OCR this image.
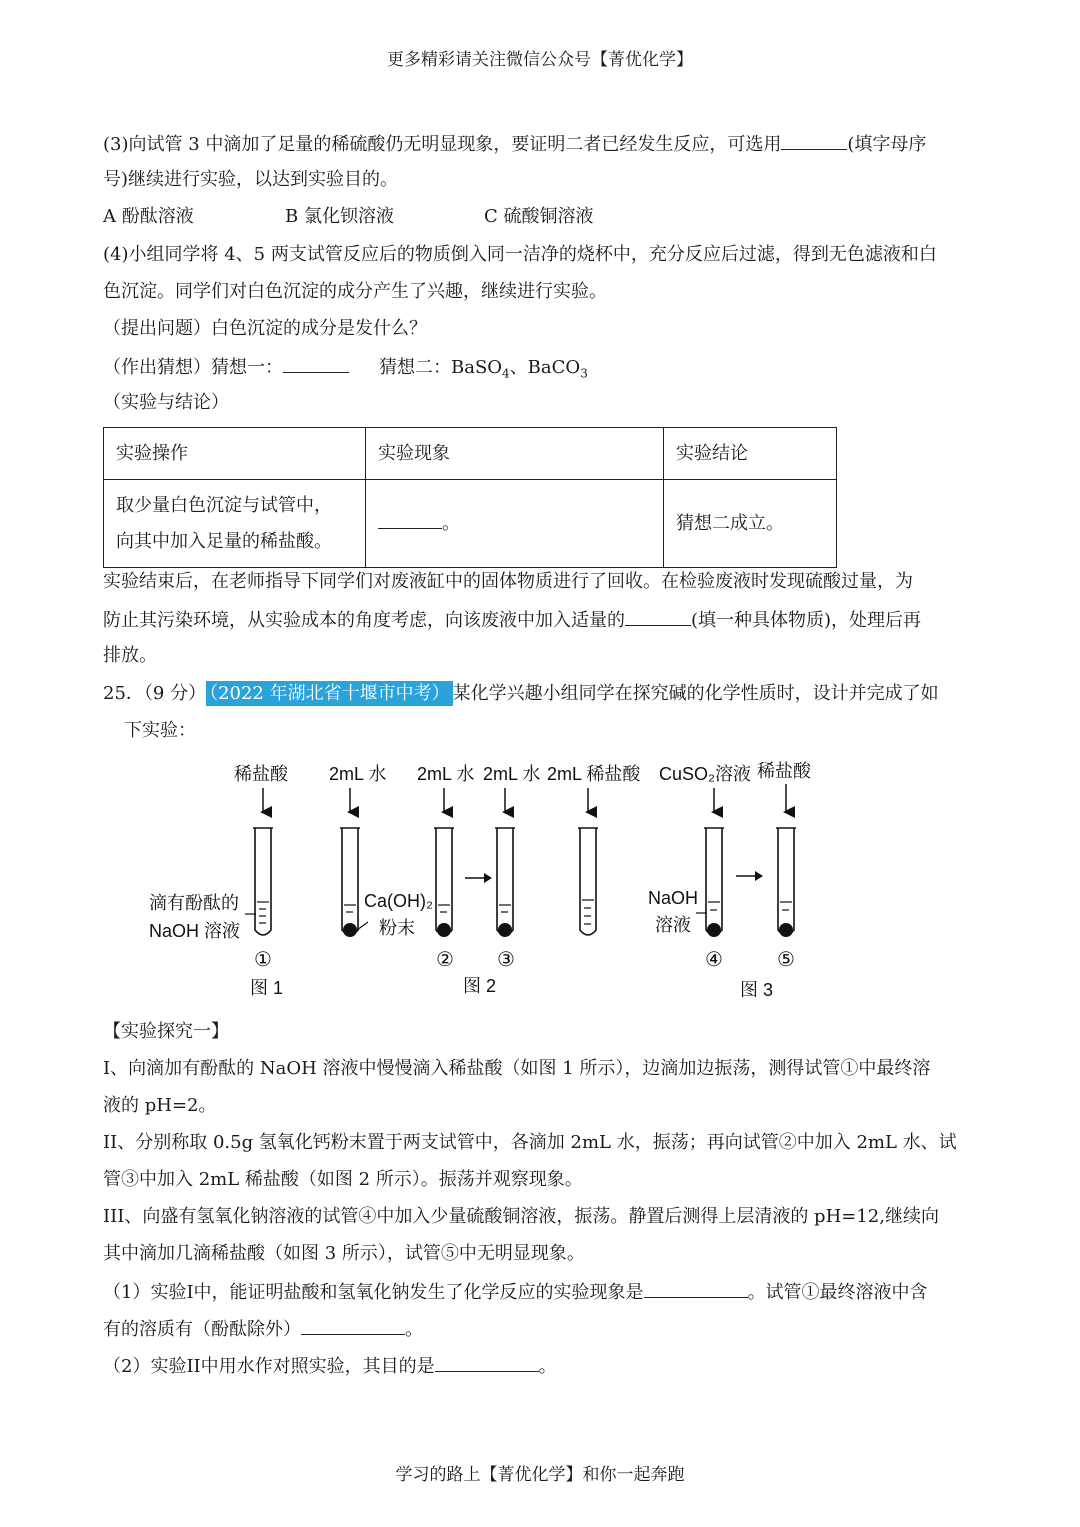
更多精彩请关注微信公众号【菁优化学】
(3)向试管 3 中滴加了足量的稀硫酸仍无明显现象，要证明二者已经发生反应，可选用	(填字母序
号)继续进行实验，以达到实验目的。
A 酚酞溶液	B 氯化钡溶液	C 硫酸铜溶液
(4)小组同学将 4、5 两支试管反应后的物质倒入同一洁净的烧杯中，充分反应后过滤，得到无色滤液和白
色沉淀。同学们对白色沉淀的成分产生了兴趣，继续进行实验。
（提出问题）白色沉淀的成分是发什么？
（作出猜想）猜想一：	猜想二：BaSO$_4$、BaCO$_3$
（实验与结论）
实验操作	实验现象	实验结论

取少量白色沉淀与试管中，
向其中加入足量的稀盐酸。	。	猜想二成立。
实验结束后，在老师指导下同学们对废液缸中的固体物质进行了回收。在检验废液时发现硫酸过量，为
防止其污染环境，从实验成本的角度考虑，向该废液中加入适量的	(填一种具体物质)，处理后再
排放。
25．（9 分） （2022 年湖北省十堰市中考） 某化学兴趣小组同学在探究碱的化学性质时，设计并完成了如
下实验：
稀盐酸 2mL 水 2mL 水 2mL 水 2mL 稀盐酸 CuSO₂溶液 稀盐酸
滴有酚酞的
NaOH 溶液
Ca(OH)₂
粉末
NaOH
溶液
①	② ③	④	⑤
图 1	图 2	图 3
【实验探究一】
I、向滴加有酚酞的 NaOH 溶液中慢慢滴入稀盐酸（如图 1 所示），边滴加边振荡，测得试管①中最终溶
液的 pH=2。
II、分别称取 0.5g 氢氧化钙粉末置于两支试管中，各滴加 2mL 水，振荡；再向试管②中加入 2mL 水、试
管③中加入 2mL 稀盐酸（如图 2 所示）。振荡并观察现象。
III、向盛有氢氧化钠溶液的试管④中加入少量硫酸铜溶液，振荡。静置后测得上层清液的 pH=12,继续向
其中滴加几滴稀盐酸（如图 3 所示），试管⑤中无明显现象。
（1）实验I中，能证明盐酸和氢氧化钠发生了化学反应的实验现象是	。试管①最终溶液中含
有的溶质有（酚酞除外）	。
（2）实验II中用水作对照实验，其目的是	。
学习的路上【菁优化学】和你一起奔跑
